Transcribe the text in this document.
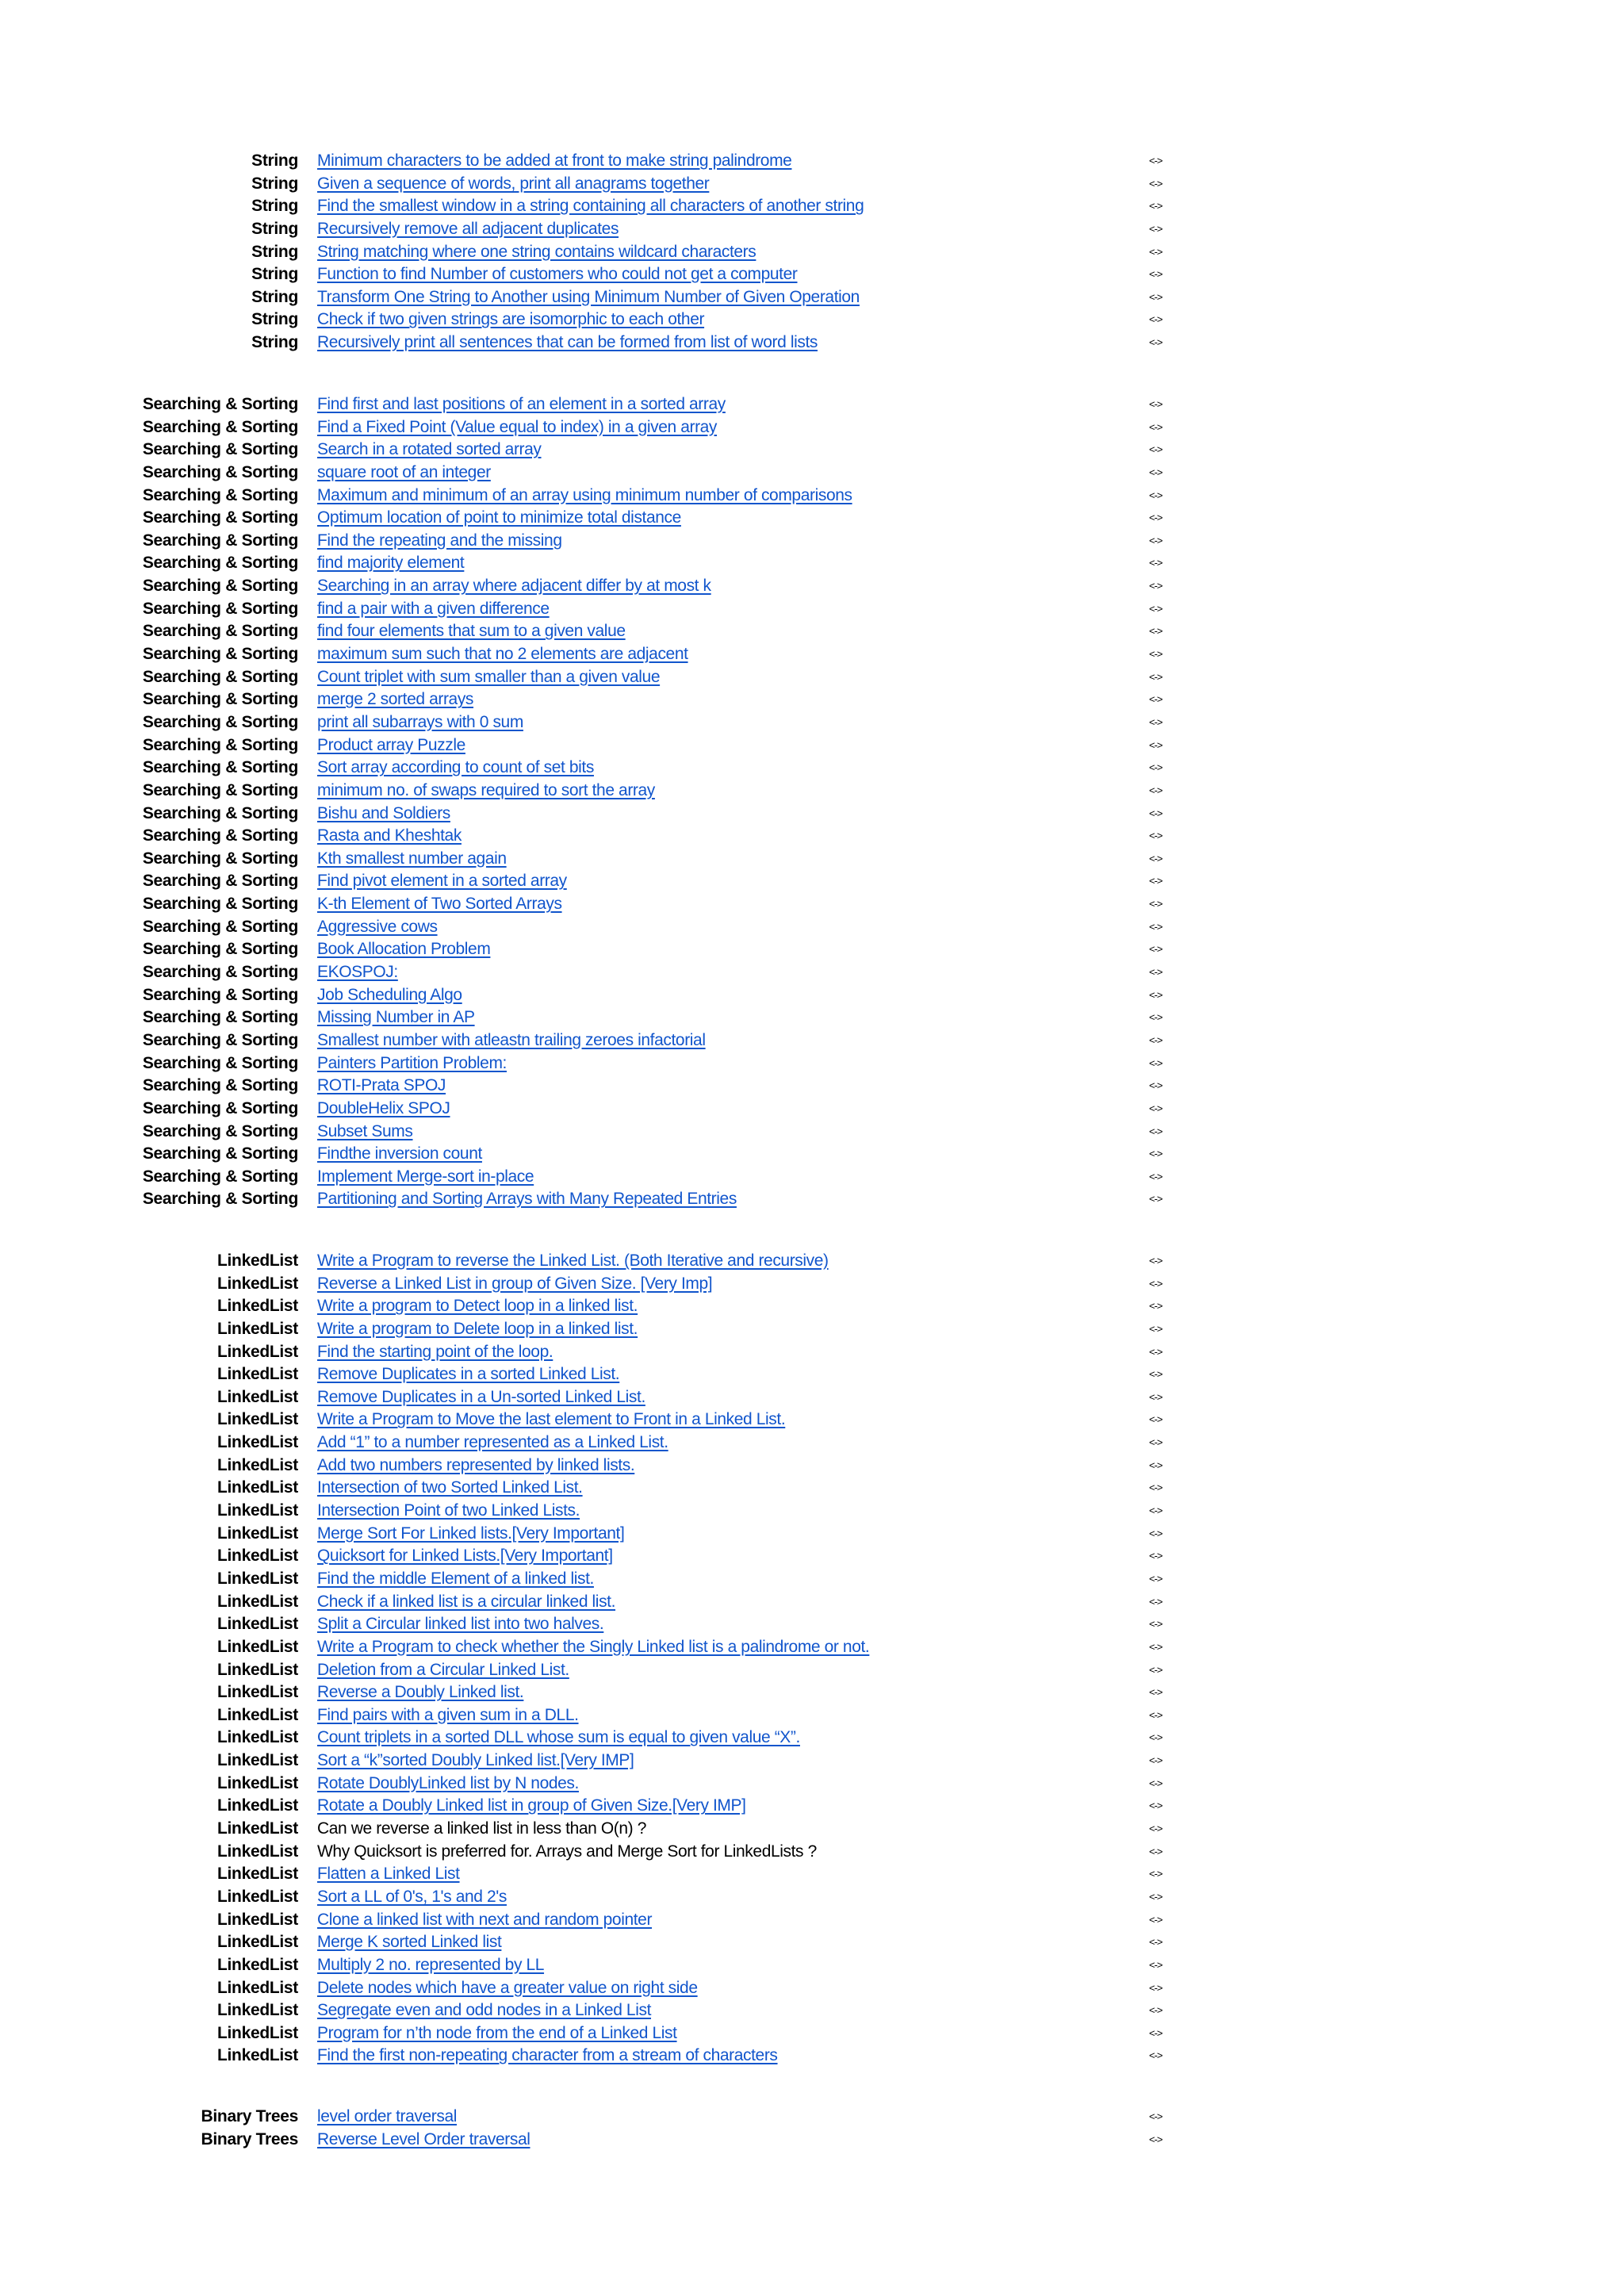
String Minimum characters to be added at front to make string palindrome	<->
String Given a sequence of words, print all anagrams together	<->
String Find the smallest window in a string containing all characters of another string	<->
String Recursively remove all adjacent duplicates	<->
String String matching where one string contains wildcard characters	<->
String Function to find Number of customers who could not get a computer	<->
String Transform One String to Another using Minimum Number of Given Operation	<->
String Check if two given strings are isomorphic to each other	<->
String Recursively print all sentences that can be formed from list of word lists	<->
Searching & Sorting Find first and last positions of an element in a sorted array	<->
Searching & Sorting Find a Fixed Point (Value equal to index) in a given array	<->
Searching & Sorting Search in a rotated sorted array	<->
Searching & Sorting square root of an integer	<->
Searching & Sorting Maximum and minimum of an array using minimum number of comparisons	<->
Searching & Sorting Optimum location of point to minimize total distance	<->
Searching & Sorting Find the repeating and the missing	<->
Searching & Sorting find majority element	<->
Searching & Sorting Searching in an array where adjacent differ by at most k	<->
Searching & Sorting find a pair with a given difference	<->
Searching & Sorting find four elements that sum to a given value	<->
Searching & Sorting maximum sum such that no 2 elements are adjacent	<->
Searching & Sorting Count triplet with sum smaller than a given value	<->
Searching & Sorting merge 2 sorted arrays	<->
Searching & Sorting print all subarrays with 0 sum	<->
Searching & Sorting Product array Puzzle	<->
Searching & Sorting Sort array according to count of set bits	<->
Searching & Sorting minimum no. of swaps required to sort the array	<->
Searching & Sorting Bishu and Soldiers	<->
Searching & Sorting Rasta and Kheshtak	<->
Searching & Sorting Kth smallest number again	<->
Searching & Sorting Find pivot element in a sorted array	<->
Searching & Sorting K-th Element of Two Sorted Arrays	<->
Searching & Sorting Aggressive cows	<->
Searching & Sorting Book Allocation Problem	<->
Searching & Sorting EKOSPOJ:	<->
Searching & Sorting Job Scheduling Algo	<->
Searching & Sorting Missing Number in AP	<->
Searching & Sorting Smallest number with atleastn trailing zeroes infactorial	<->
Searching & Sorting Painters Partition Problem:	<->
Searching & Sorting ROTI-Prata SPOJ	<->
Searching & Sorting DoubleHelix SPOJ	<->
Searching & Sorting Subset Sums	<->
Searching & Sorting Findthe inversion count	<->
Searching & Sorting Implement Merge-sort in-place	<->
Searching & Sorting Partitioning and Sorting Arrays with Many Repeated Entries	<->
LinkedList Write a Program to reverse the Linked List. (Both Iterative and recursive)	<->
LinkedList Reverse a Linked List in group of Given Size. [Very Imp]	<->
LinkedList Write a program to Detect loop in a linked list.	<->
LinkedList Write a program to Delete loop in a linked list.	<->
LinkedList Find the starting point of the loop.	<->
LinkedList Remove Duplicates in a sorted Linked List.	<->
LinkedList Remove Duplicates in a Un-sorted Linked List.	<->
LinkedList Write a Program to Move the last element to Front in a Linked List.	<->
LinkedList Add “1” to a number represented as a Linked List.	<->
LinkedList Add two numbers represented by linked lists.	<->
LinkedList Intersection of two Sorted Linked List.	<->
LinkedList Intersection Point of two Linked Lists.	<->
LinkedList Merge Sort For Linked lists.[Very Important]	<->
LinkedList Quicksort for Linked Lists.[Very Important]	<->
LinkedList Find the middle Element of a linked list.	<->
LinkedList Check if a linked list is a circular linked list.	<->
LinkedList Split a Circular linked list into two halves.	<->
LinkedList Write a Program to check whether the Singly Linked list is a palindrome or not.	<->
LinkedList Deletion from a Circular Linked List.	<->
LinkedList Reverse a Doubly Linked list.	<->
LinkedList Find pairs with a given sum in a DLL.	<->
LinkedList Count triplets in a sorted DLL whose sum is equal to given value “X”.	<->
LinkedList Sort a “k”sorted Doubly Linked list.[Very IMP]	<->
LinkedList Rotate DoublyLinked list by N nodes.	<->
LinkedList Rotate a Doubly Linked list in group of Given Size.[Very IMP]	<->
LinkedList Can we reverse a linked list in less than O(n) ?	<->
LinkedList Why Quicksort is preferred for. Arrays and Merge Sort for LinkedLists ?	<->
LinkedList Flatten a Linked List	<->
LinkedList Sort a LL of 0's, 1's and 2's	<->
LinkedList Clone a linked list with next and random pointer	<->
LinkedList Merge K sorted Linked list	<->
LinkedList Multiply 2 no. represented by LL	<->
LinkedList Delete nodes which have a greater value on right side	<->
LinkedList Segregate even and odd nodes in a Linked List	<->
LinkedList Program for n’th node from the end of a Linked List	<->
LinkedList Find the first non-repeating character from a stream of characters	<->
Binary Trees level order traversal	<->
Binary Trees Reverse Level Order traversal	<->
